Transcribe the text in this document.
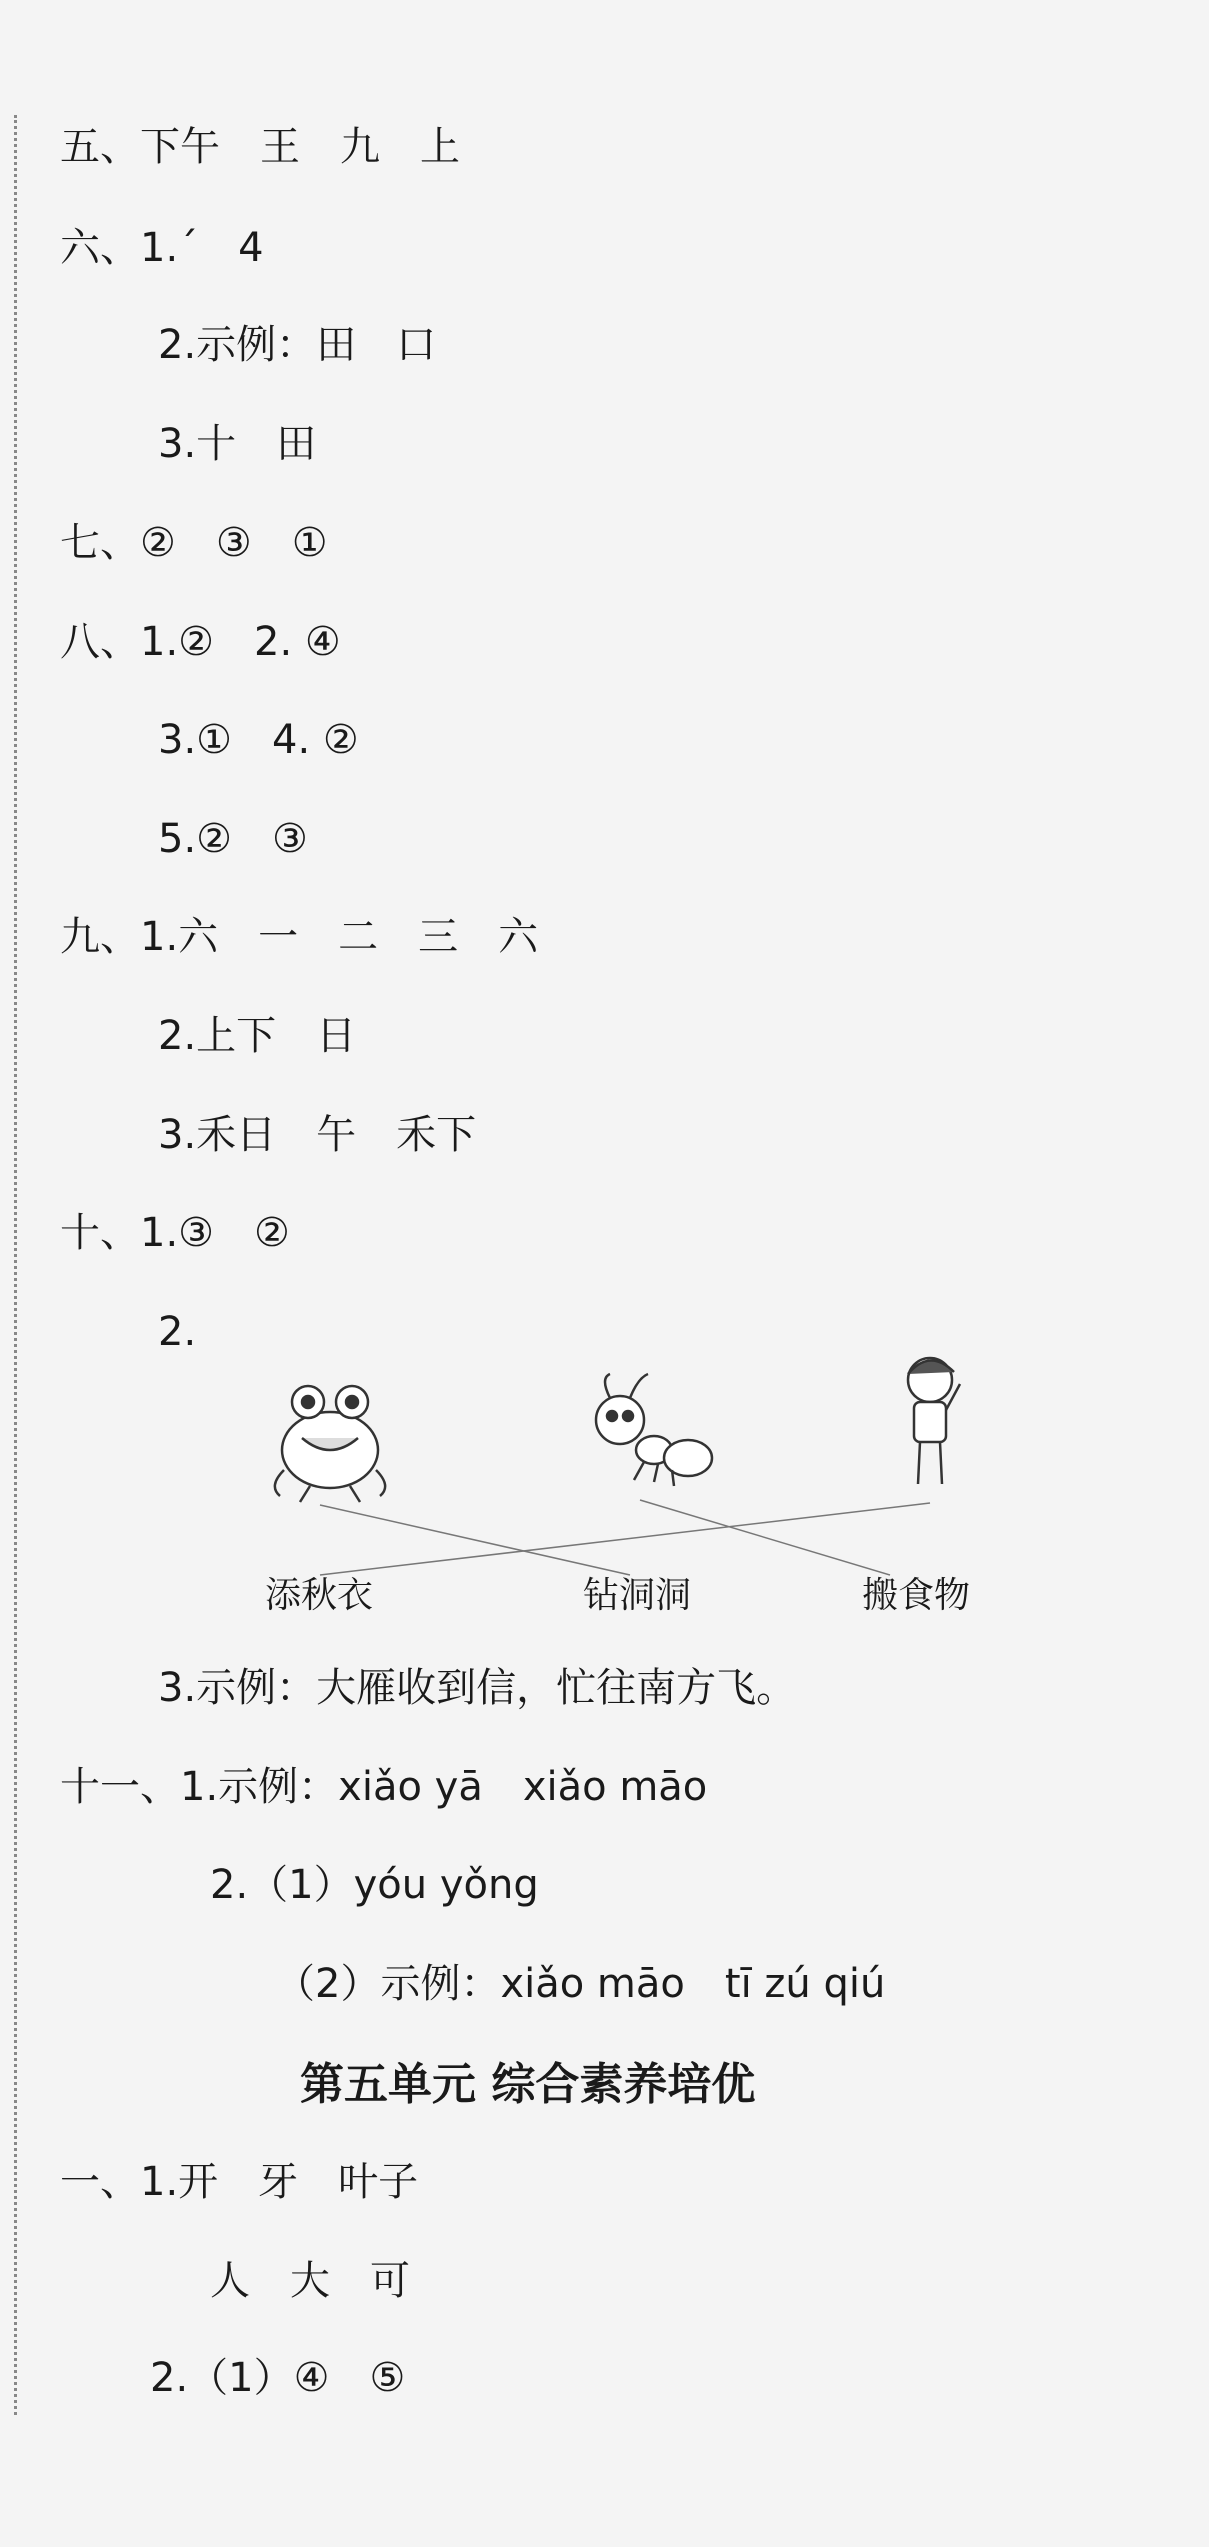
五、下午　王　九　上
六、1.ˊ　4
2.示例：田　口
3.十　田
七、②　③　①
八、1.②　2. ④
3.①　4. ②
5.②　③
九、1.六　一　二　三　六
2.上下　日
3.禾日　午　禾下
十、1.③　②
2.
添秋衣	钻洞洞	搬食物
3.示例：大雁收到信，忙往南方飞。
十一、1.示例：xiǎo yā　xiǎo māo
2.（1）yóu yǒng
（2）示例：xiǎo māo　tī zú qiú
第五单元 综合素养培优
一、1.开　牙　叶子
人　大　可
2.（1）④　⑤
